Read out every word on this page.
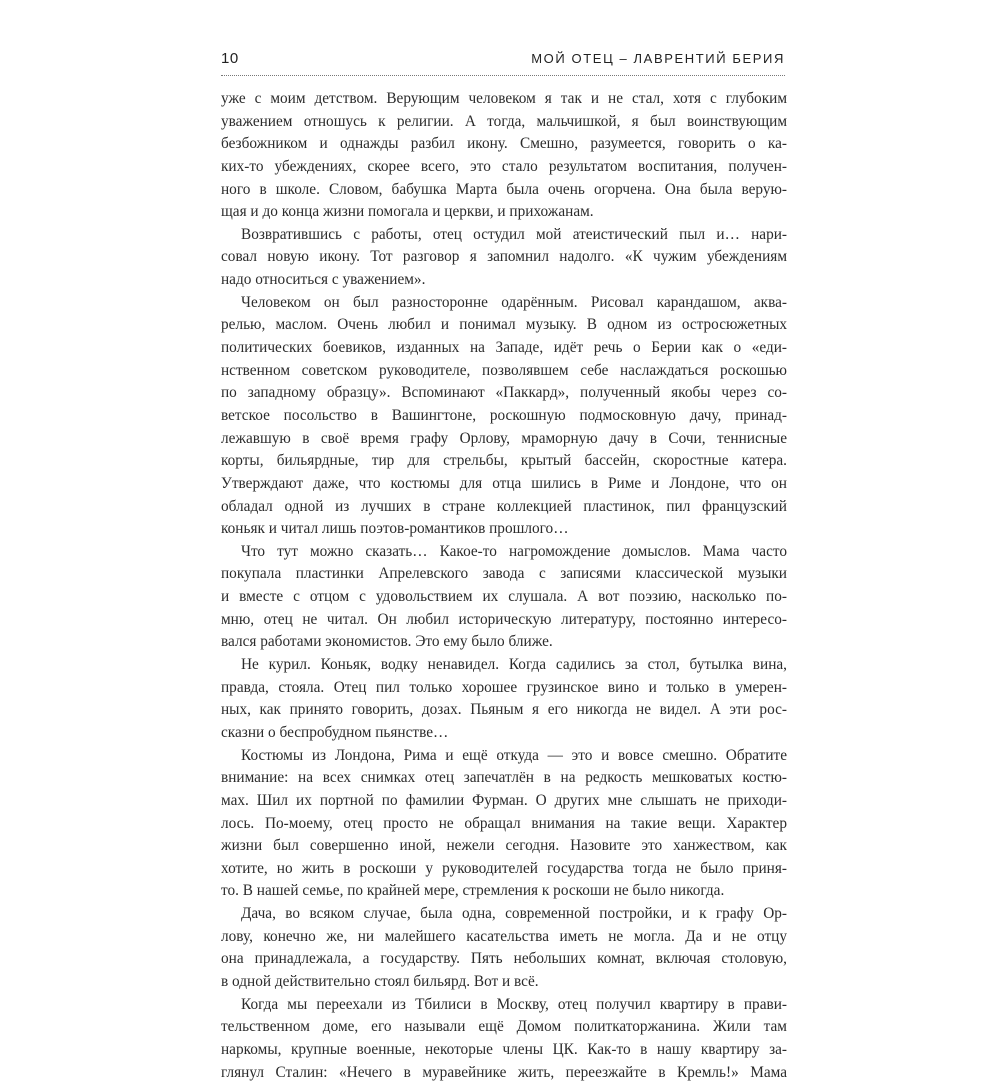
10	МОЙ ОТЕЦ – ЛАВРЕНТИЙ БЕРИЯ
уже с моим детством. Верующим человеком я так и не стал, хотя с глубоким
уважением отношусь к религии. А тогда, мальчишкой, я был воинствующим
безбожником и однажды разбил икону. Смешно, разумеется, говорить о ка-
ких-то убеждениях, скорее всего, это стало результатом воспитания, получен-
ного в школе. Словом, бабушка Марта была очень огорчена. Она была верую-
щая и до конца жизни помогала и церкви, и прихожанам.
Возвратившись с работы, отец остудил мой атеистический пыл и… нари-
совал новую икону. Тот разговор я запомнил надолго. «К чужим убеждениям
надо относиться с уважением».
Человеком он был разносторонне одарённым. Рисовал карандашом, аква-
релью, маслом. Очень любил и понимал музыку. В одном из остросюжетных
политических боевиков, изданных на Западе, идёт речь о Берии как о «еди-
нственном советском руководителе, позволявшем себе наслаждаться роскошью
по западному образцу». Вспоминают «Паккард», полученный якобы через со-
ветское посольство в Вашингтоне, роскошную подмосковную дачу, принад-
лежавшую в своё время графу Орлову, мраморную дачу в Сочи, теннисные
корты, бильярдные, тир для стрельбы, крытый бассейн, скоростные катера.
Утверждают даже, что костюмы для отца шились в Риме и Лондоне, что он
обладал одной из лучших в стране коллекцией пластинок, пил французский
коньяк и читал лишь поэтов-романтиков прошлого…
Что тут можно сказать… Какое-то нагромождение домыслов. Мама часто
покупала пластинки Апрелевского завода с записями классической музыки
и вместе с отцом с удовольствием их слушала. А вот поэзию, насколько по-
мню, отец не читал. Он любил историческую литературу, постоянно интересо-
вался работами экономистов. Это ему было ближе.
Не курил. Коньяк, водку ненавидел. Когда садились за стол, бутылка вина,
правда, стояла. Отец пил только хорошее грузинское вино и только в умерен-
ных, как принято говорить, дозах. Пьяным я его никогда не видел. А эти рос-
сказни о беспробудном пьянстве…
Костюмы из Лондона, Рима и ещё откуда — это и вовсе смешно. Обратите
внимание: на всех снимках отец запечатлён в на редкость мешковатых костю-
мах. Шил их портной по фамилии Фурман. О других мне слышать не приходи-
лось. По-моему, отец просто не обращал внимания на такие вещи. Характер
жизни был совершенно иной, нежели сегодня. Назовите это ханжеством, как
хотите, но жить в роскоши у руководителей государства тогда не было приня-
то. В нашей семье, по крайней мере, стремления к роскоши не было никогда.
Дача, во всяком случае, была одна, современной постройки, и к графу Ор-
лову, конечно же, ни малейшего касательства иметь не могла. Да и не отцу
она принадлежала, а государству. Пять небольших комнат, включая столовую,
в одной действительно стоял бильярд. Вот и всё.
Когда мы переехали из Тбилиси в Москву, отец получил квартиру в прави-
тельственном доме, его называли ещё Домом политкаторжанина. Жили там
наркомы, крупные военные, некоторые члены ЦК. Как-то в нашу квартиру за-
глянул Сталин: «Нечего в муравейнике жить, переезжайте в Кремль!» Мама
